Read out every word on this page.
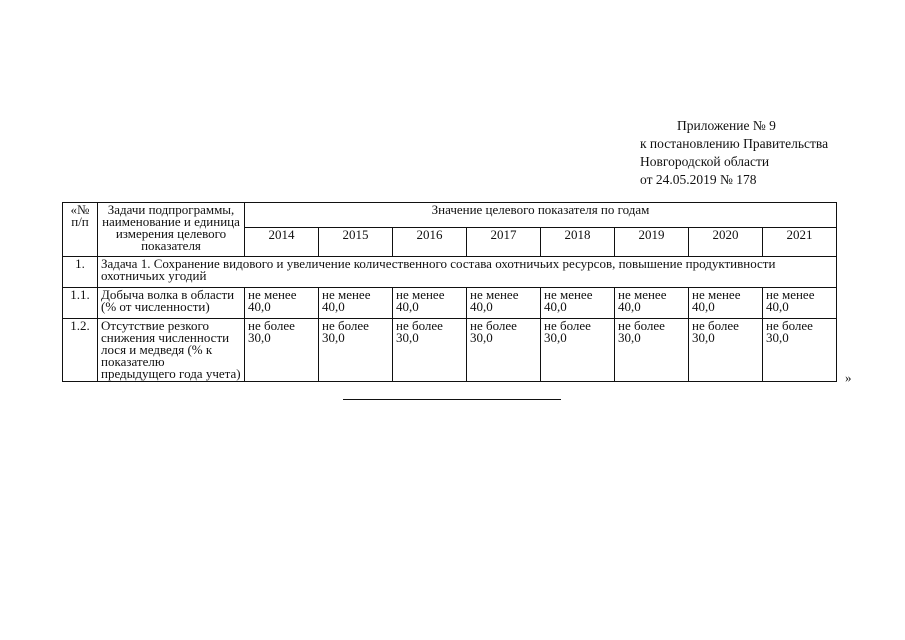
Приложение № 9
к постановлению Правительства
Новгородской области
от 24.05.2019 № 178
«№ п/п	Задачи подпрограммы, наименование и единица измерения целевого показателя	Значение целевого показателя по годам							
		2014	2015	2016	2017	2018	2019	2020	2021
1.	Задача 1. Сохранение видового и увеличение количественного состава охотничьих ресурсов, повышение продуктивности охотничьих угодий								
1.1.	Добыча волка в области (% от численности)	не менее 40,0	не менее 40,0	не менее 40,0	не менее 40,0	не менее 40,0	не менее 40,0	не менее 40,0	не менее 40,0
1.2.	Отсутствие резкого снижения численности лося и медведя (% к показателю предыдущего года учета)	не более 30,0	не более 30,0	не более 30,0	не более 30,0	не более 30,0	не более 30,0	не более 30,0	не более 30,0
»
